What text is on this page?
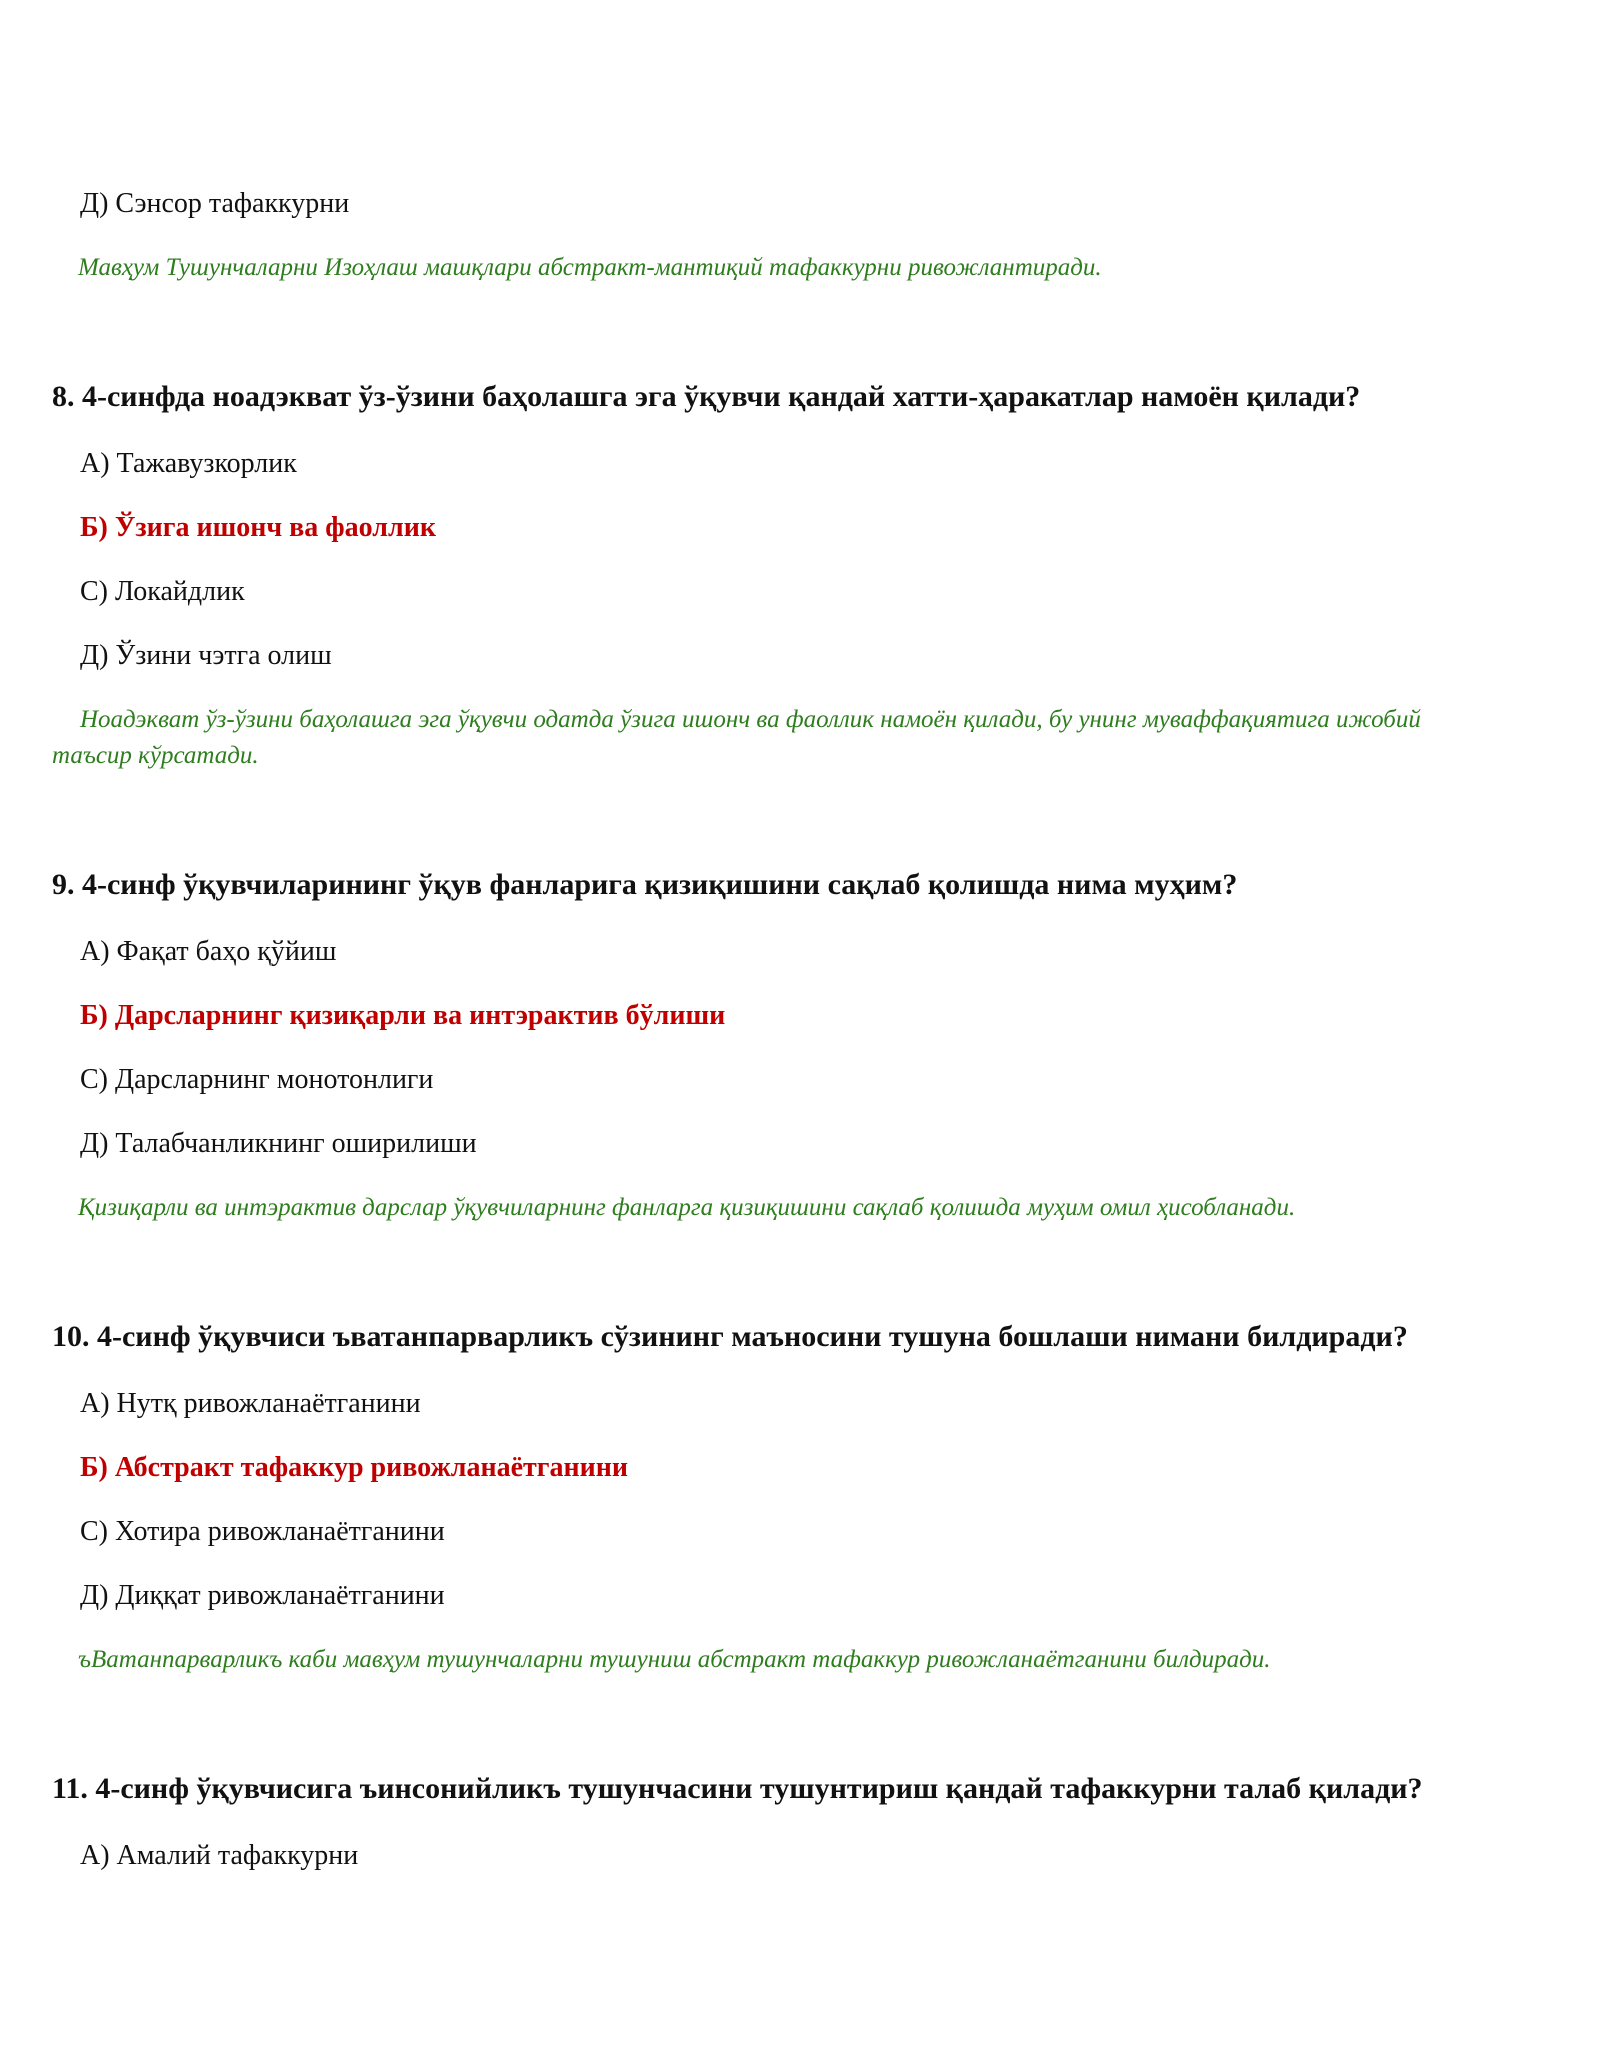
Д) Сэнсор тафаккурни
Мавҳум Тушунчаларни Изоҳлаш машқлари абстракт-мантиқий тафаккурни ривожлантиради.
8. 4-синфда ноадэкват ўз-ўзини баҳолашга эга ўқувчи қандай хатти-ҳаракатлар намоён қилади?
А) Тажавузкорлик
Б) Ўзига ишонч ва фаоллик
С) Локайдлик
Д) Ўзини чэтга олиш
Ноадэкват ўз-ўзини баҳолашга эга ўқувчи одатда ўзига ишонч ва фаоллик намоён қилади, бу унинг муваффақиятига ижобий таъсир кўрсатади.
9. 4-синф ўқувчиларининг ўқув фанларига қизиқишини сақлаб қолишда нима муҳим?
А) Фақат баҳо қўйиш
Б) Дарсларнинг қизиқарли ва интэрактив бўлиши
С) Дарсларнинг монотонлиги
Д) Талабчанликнинг оширилиши
Қизиқарли ва интэрактив дарслар ўқувчиларнинг фанларга қизиқишини сақлаб қолишда муҳим омил ҳисобланади.
10. 4-синф ўқувчиси ъватанпарварликъ сўзининг маъносини тушуна бошлаши нимани билдиради?
А) Нутқ ривожланаётганини
Б) Абстракт тафаккур ривожланаётганини
С) Хотира ривожланаётганини
Д) Диққат ривожланаётганини
ъВатанпарварликъ каби мавҳум тушунчаларни тушуниш абстракт тафаккур ривожланаётганини билдиради.
11. 4-синф ўқувчисига ъинсонийликъ тушунчасини тушунтириш қандай тафаккурни талаб қилади?
А) Амалий тафаккурни
